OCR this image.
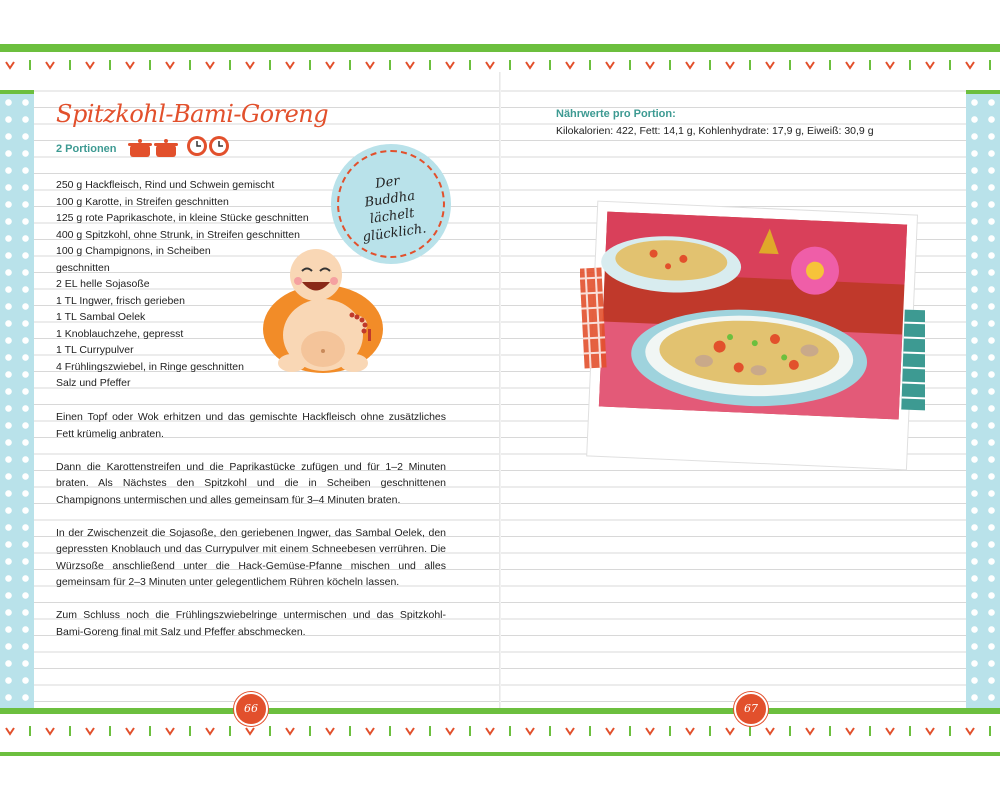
Spitzkohl-Bami-Goreng
2 Portionen
250 g Hackfleisch, Rind und Schwein gemischt
100 g Karotte, in Streifen geschnitten
125 g rote Paprikaschote, in kleine Stücke geschnitten
400 g Spitzkohl, ohne Strunk, in Streifen geschnitten
100 g Champignons, in Scheiben
geschnitten
2 EL helle Sojasoße
1 TL Ingwer, frisch gerieben
1 TL Sambal Oelek
1 Knoblauchzehe, gepresst
1 TL Currypulver
4 Frühlingszwiebel, in Ringe geschnitten
Salz und Pfeffer

Einen Topf oder Wok erhitzen und das gemischte Hackfleisch ohne zusätzliches Fett krümelig anbraten.

Dann die Karottenstreifen und die Paprikastücke zufügen und für 1–2 Minuten braten. Als Nächstes den Spitzkohl und die in Scheiben geschnittenen Champignons untermischen und alles gemeinsam für 3–4 Minuten braten.

In der Zwischenzeit die Sojasoße, den geriebenen Ingwer, das Sambal Oelek, den gepressten Knoblauch und das Currypulver mit einem Schneebesen verrühren. Die Würzsoße anschließend unter die Hack-Gemüse-Pfanne mischen und alles gemeinsam für 2–3 Minuten unter gelegentlichem Rühren köcheln lassen.

Zum Schluss noch die Frühlingszwiebelringe untermischen und das Spitzkohl-Bami-Goreng final mit Salz und Pfeffer abschmecken.

Der Buddha
lächelt
glücklich.
Nährwerte pro Portion:
Kilokalorien: 422, Fett: 14,1 g, Kohlenhydrate: 17,9 g, Eiweiß: 30,9 g
66	67
